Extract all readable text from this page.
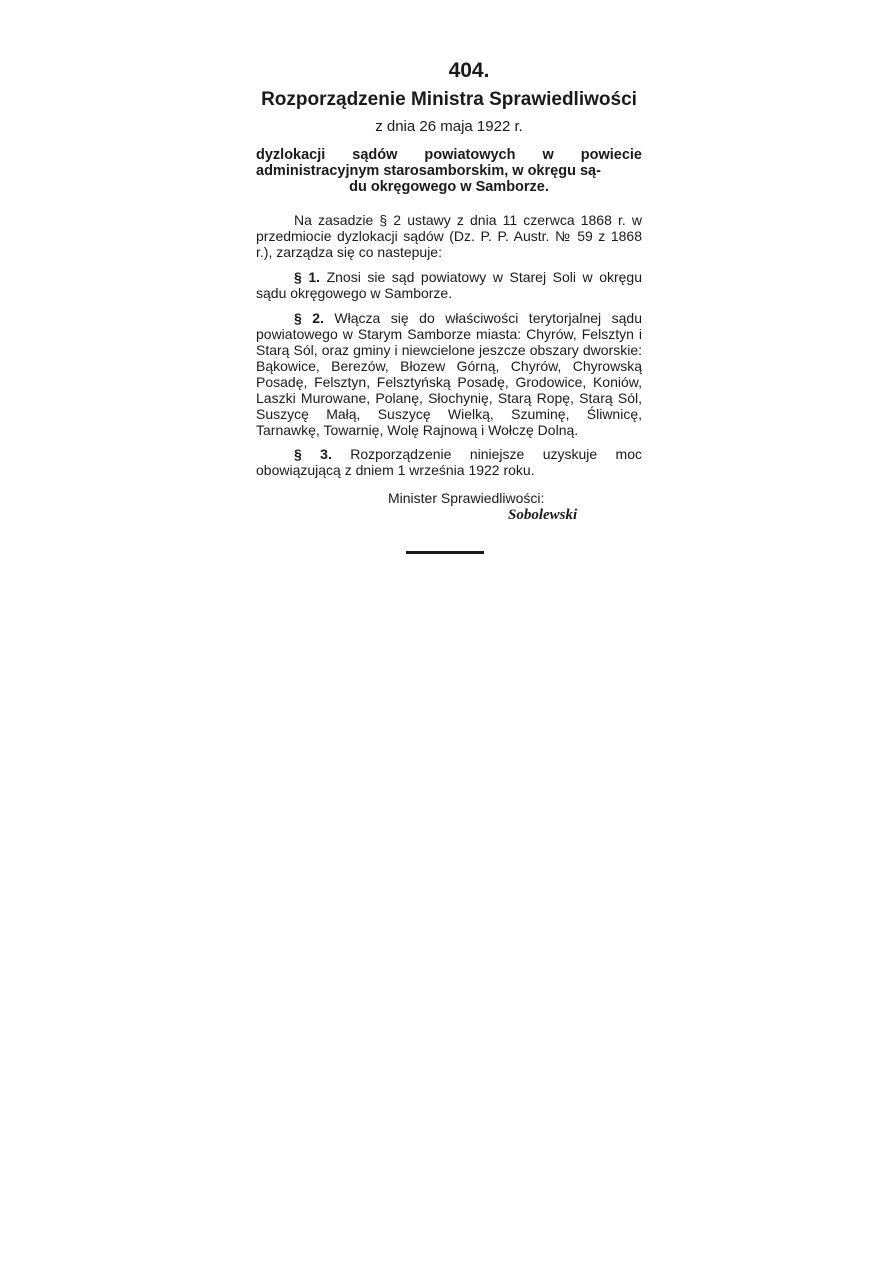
404.
Rozporządzenie Ministra Sprawiedliwości
z dnia 26 maja 1922 r.
dyzlokacji sądów powiatowych w powiecie administracyjnym starosamborskim, w okręgu są-
du okręgowego w Samborze.

Na zasadzie § 2 ustawy z dnia 11 czerwca 1868 r. w przedmiocie dyzlokacji sądów (Dz. P. P. Austr. № 59 z 1868 r.), zarządza się co nastepuje:

§ 1. Znosi sie sąd powiatowy w Starej Soli w okręgu sądu okręgowego w Samborze.

§ 2. Włącza się do właściwości terytorjalnej sądu powiatowego w Starym Samborze miasta: Chyrów, Felsztyn i Starą Sól, oraz gminy i niewcielone jeszcze obszary dworskie: Bąkowice, Berezów, Błozew Górną, Chyrów, Chyrowską Posadę, Felsztyn, Felsztyńską Posadę, Grodowice, Koniów, Laszki Murowane, Polanę, Słochynię, Starą Ropę, Starą Sól, Suszycę Małą, Suszycę Wielką, Szuminę, Śliwnicę, Tarnawkę, Towarnię, Wolę Rajnową i Wołczę Dolną.

§ 3. Rozporządzenie niniejsze uzyskuje moc obowiązującą z dniem 1 września 1922 roku.

Minister Sprawiedliwości:
Sobolewski
